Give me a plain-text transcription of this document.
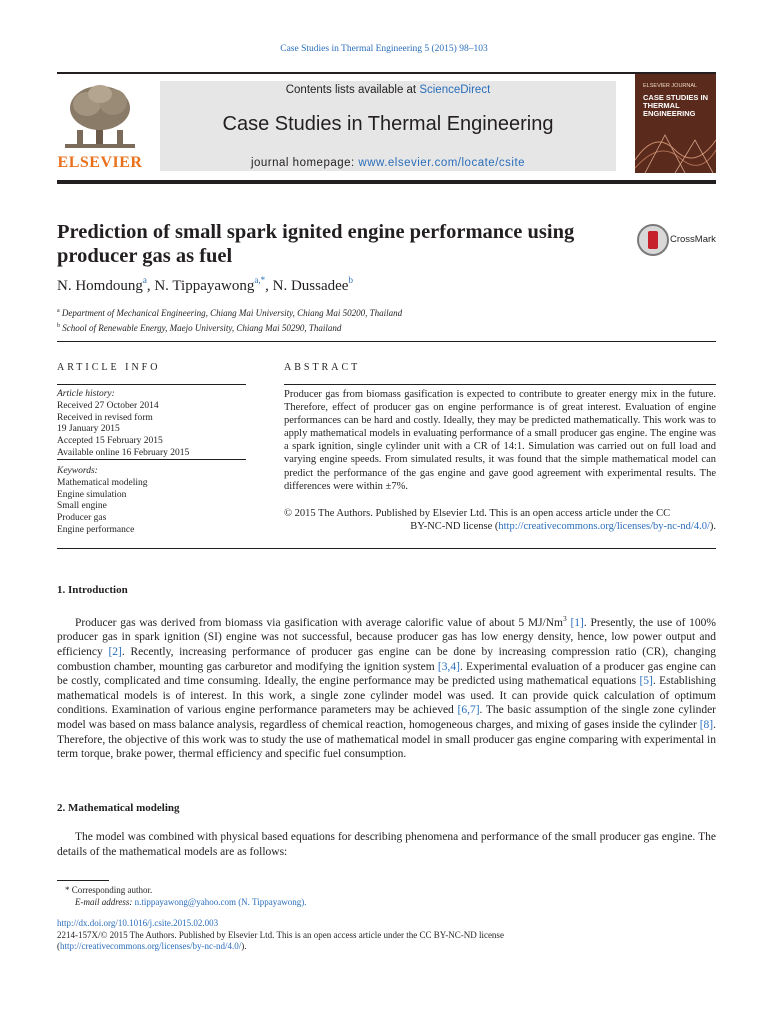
Case Studies in Thermal Engineering 5 (2015) 98–103
ELSEVIER
Contents lists available at ScienceDirect
Case Studies in Thermal Engineering
journal homepage: www.elsevier.com/locate/csite
ELSEVIER JOURNAL
CASE STUDIES IN
THERMAL
ENGINEERING
Prediction of small spark ignited engine performance using producer gas as fuel
CrossMark
N. Homdoung$^a$, N. Tippayawong$^{a,*}$, N. Dussadee$^b$
$^a$ Department of Mechanical Engineering, Chiang Mai University, Chiang Mai 50200, Thailand
$^b$ School of Renewable Energy, Maejo University, Chiang Mai 50290, Thailand
ARTICLE INFO	ABSTRACT
Article history:
Received 27 October 2014
Received in revised form
19 January 2015
Accepted 15 February 2015
Available online 16 February 2015
Keywords:
Mathematical modeling
Engine simulation
Small engine
Producer gas
Engine performance
Producer gas from biomass gasification is expected to contribute to greater energy mix in the future. Therefore, effect of producer gas on engine performance is of great interest. Evaluation of engine performances can be hard and costly. Ideally, they may be predicted mathematically. This work was to apply mathematical models in evaluating performance of a small producer gas engine. The engine was a spark ignition, single cylinder unit with a CR of 14:1. Simulation was carried out on full load and varying engine speeds. From simulated results, it was found that the simple mathematical model can predict the performance of the gas engine and gave good agreement with experimental results. The differences were within ±7%.
© 2015 The Authors. Published by Elsevier Ltd. This is an open access article under the CC
BY-NC-ND license (http://creativecommons.org/licenses/by-nc-nd/4.0/).
1. Introduction

Producer gas was derived from biomass via gasification with average calorific value of about 5 MJ/Nm$^3$ [1]. Presently, the use of 100% producer gas in spark ignition (SI) engine was not successful, because producer gas has low energy density, hence, low power output and efficiency [2]. Recently, increasing performance of producer gas engine can be done by increasing compression ratio (CR), changing combustion chamber, mounting gas carburetor and modifying the ignition system [3,4]. Experimental evaluation of a producer gas engine can be costly, complicated and time consuming. Ideally, the engine performance may be predicted using mathematical equations [5]. Establishing mathematical models is of interest. In this work, a single zone cylinder model was used. It can provide quick calculation of optimum conditions. Examination of various engine performance parameters may be achieved [6,7]. The basic assumption of the single zone cylinder model was based on mass balance analysis, regardless of chemical reaction, homogeneous charges, and mixing of gases inside the cylinder [8]. Therefore, the objective of this work was to study the use of mathematical model in small producer gas engine comparing with experimental in term torque, brake power, thermal efficiency and specific fuel consumption.

2. Mathematical modeling

The model was combined with physical based equations for describing phenomena and performance of the small producer gas engine. The details of the mathematical models are as follows:

* Corresponding author.
E-mail address: n.tippayawong@yahoo.com (N. Tippayawong).
http://dx.doi.org/10.1016/j.csite.2015.02.003
2214-157X/© 2015 The Authors. Published by Elsevier Ltd. This is an open access article under the CC BY-NC-ND license
(http://creativecommons.org/licenses/by-nc-nd/4.0/).
